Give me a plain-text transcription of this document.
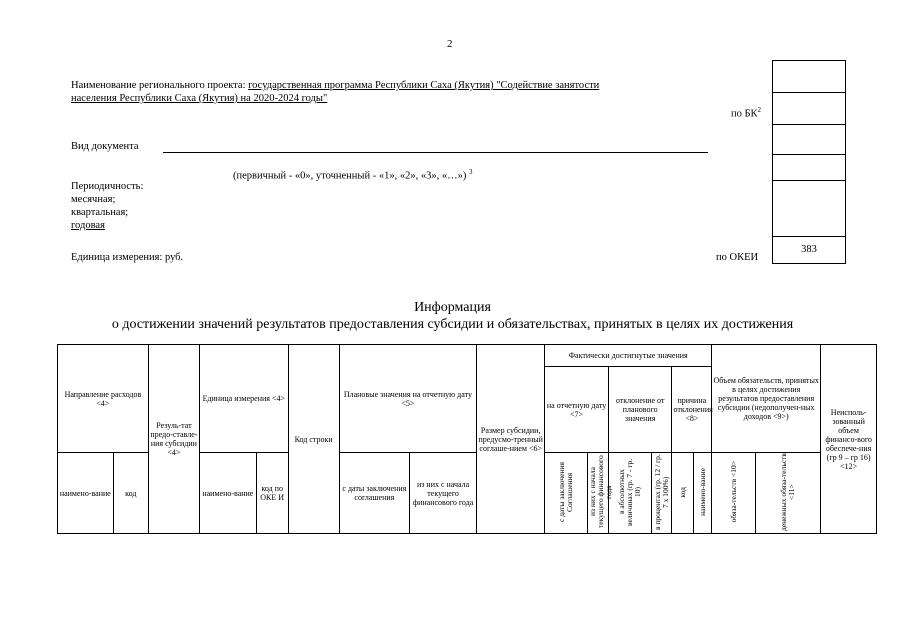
2
Наименование регионального проекта: государственная программа Республики Саха (Якутия) "Содействие занятости
населения Республики Саха (Якутия) на 2020-2024 годы"
по $БК^2$
383
Вид документа
(первичный - «0», уточненный - «1», «2», «3», «…») $^3$
Периодичность:
месячная;
квартальная;
годовая
Единица измерения: руб.	по ОКЕИ
Информация
о достижении значений результатов предоставления субсидии и обязательствах, принятых в целях их достижения
Направление расходов <4>		Резуль-тат предо-ставле-ния субсидии <4>	Единица измерения <4>		Код строки	Плановые значения на отчетную дату <5>		Размер субсидии, предусмо-тренный соглаше-нием <6>	Фактически достигнутые значения						Объем обязательств, принятых в целях достижения результатов предоставления субсидии (недополучен-ных доходов <9>)		Неисполь-зованный объем финансо-вого обеспече-ния (гр 9 – гр 16) <12>
									на отчетную дату <7>		отклонение от планового значения		причина отклонения <8>				
наимено-вание	код		наимено-вание	код по ОКЕ И		с даты заключения соглашения	из них с начала текущего финансового года		с даты заключения Соглашения	из них с начала текущего финансового года	в абсолютных величинах (гр. 7 - гр. 10)	в процентах (гр. 12 / гр. 7 х 100%)	код	наимено-вание	обяза-тельств <10>	денежных обяза-тельств <11>	
